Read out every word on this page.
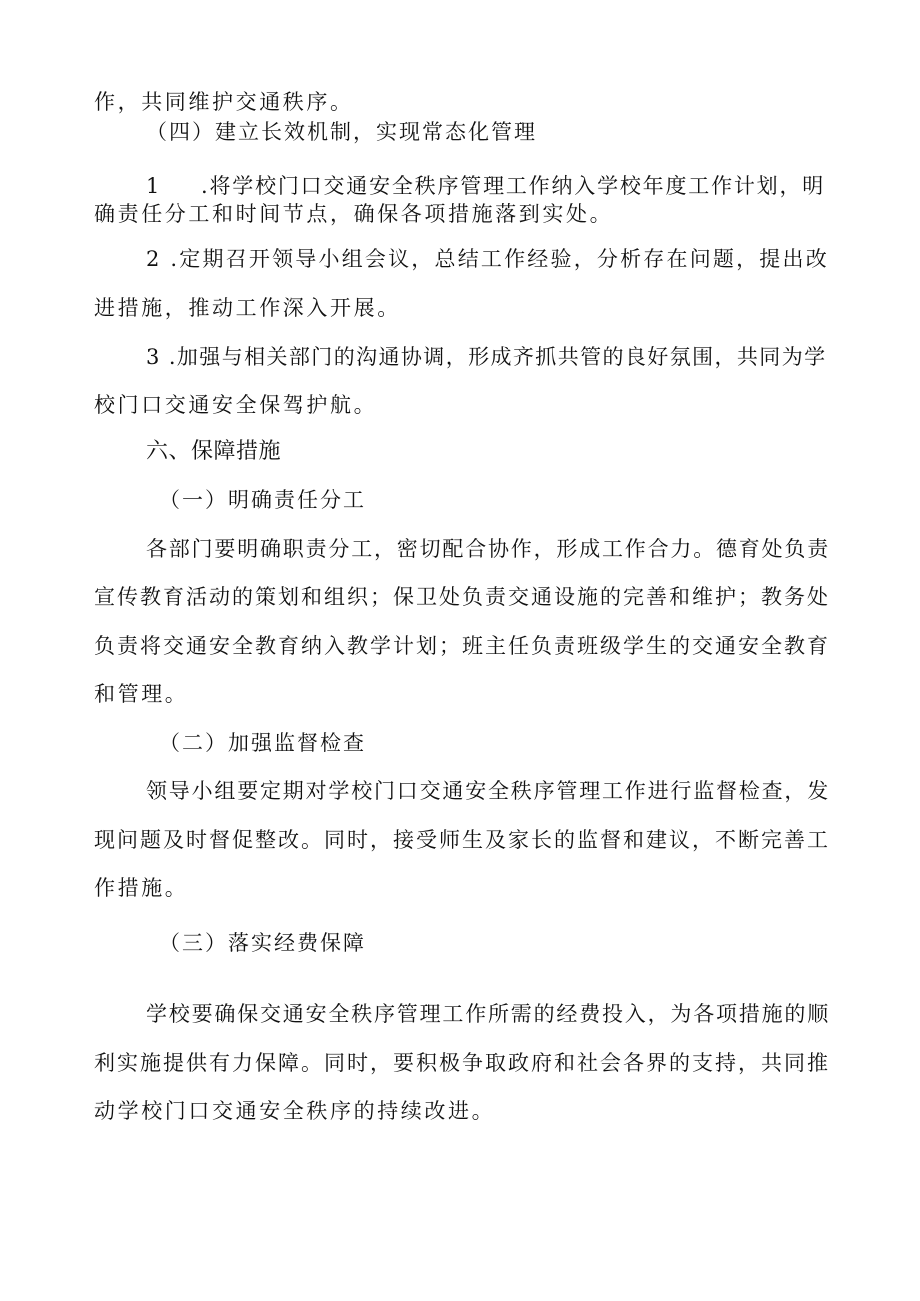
作，共同维护交通秩序。
（四）建立长效机制，实现常态化管理
1 .将学校门口交通安全秩序管理工作纳入学校年度工作计划，明
确责任分工和时间节点，确保各项措施落到实处。
2 .定期召开领导小组会议，总结工作经验，分析存在问题，提出改
进措施，推动工作深入开展。
3 .加强与相关部门的沟通协调，形成齐抓共管的良好氛围，共同为学
校门口交通安全保驾护航。
六、保障措施
（一）明确责任分工
各部门要明确职责分工，密切配合协作，形成工作合力。德育处负责
宣传教育活动的策划和组织；保卫处负责交通设施的完善和维护；教务处
负责将交通安全教育纳入教学计划；班主任负责班级学生的交通安全教育
和管理。
（二）加强监督检查
领导小组要定期对学校门口交通安全秩序管理工作进行监督检查，发
现问题及时督促整改。同时，接受师生及家长的监督和建议，不断完善工
作措施。
（三）落实经费保障
学校要确保交通安全秩序管理工作所需的经费投入，为各项措施的顺
利实施提供有力保障。同时，要积极争取政府和社会各界的支持，共同推
动学校门口交通安全秩序的持续改进。
